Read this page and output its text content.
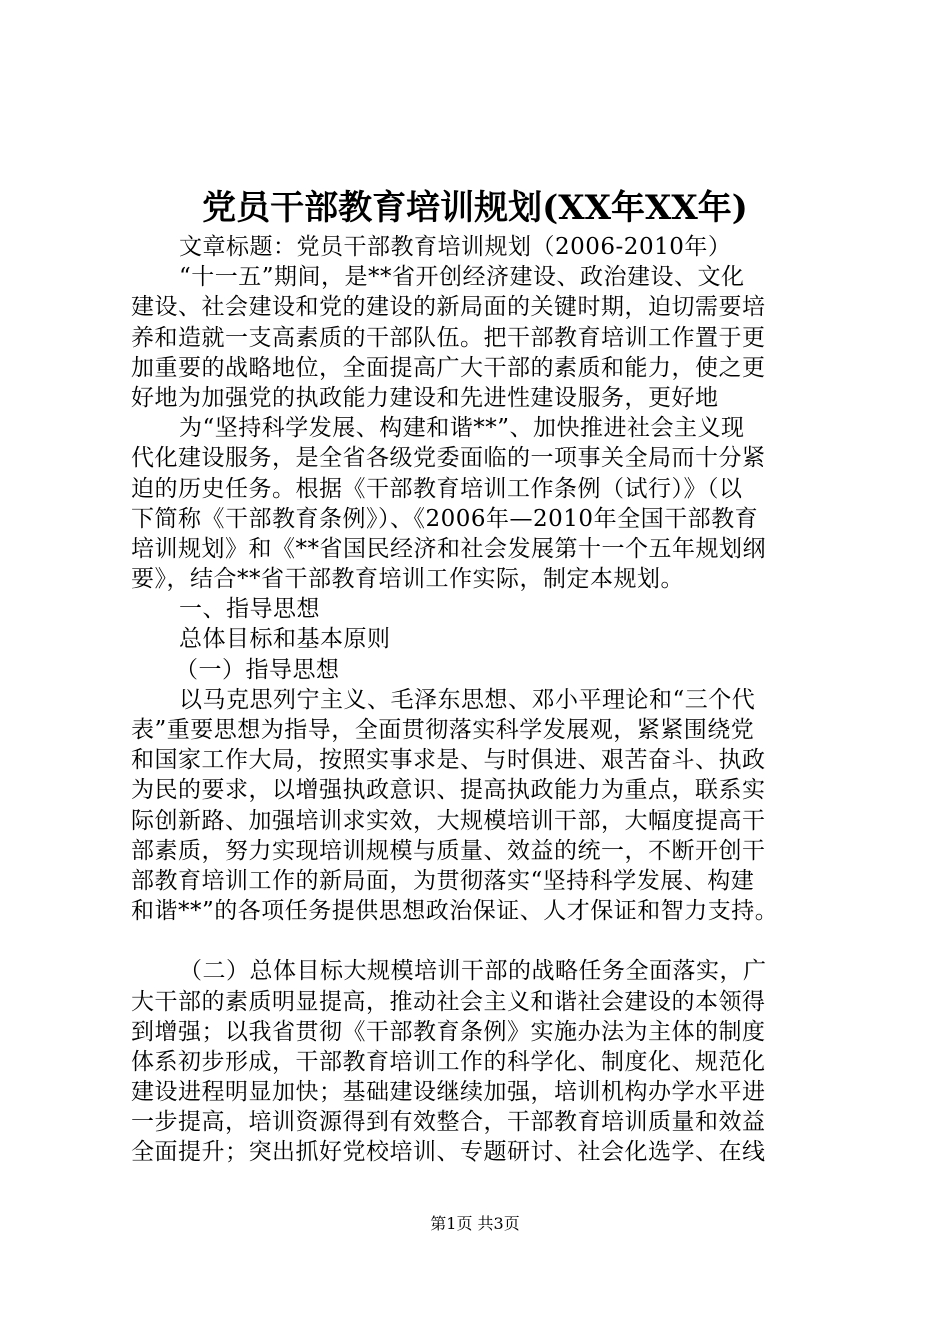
党员干部教育培训规划(XX年XX年)
文章标题：党员干部教育培训规划（2006-2010年）
“十一五”期间，是**省开创经济建设、政治建设、文化
建设、社会建设和党的建设的新局面的关键时期，迫切需要培
养和造就一支高素质的干部队伍。把干部教育培训工作置于更
加重要的战略地位，全面提高广大干部的素质和能力，使之更
好地为加强党的执政能力建设和先进性建设服务，更好地
为“坚持科学发展、构建和谐**”、加快推进社会主义现
代化建设服务，是全省各级党委面临的一项事关全局而十分紧
迫的历史任务。根据《干部教育培训工作条例（试行）》（以
下简称《干部教育条例》）、《2006年—2010年全国干部教育
培训规划》和《**省国民经济和社会发展第十一个五年规划纲
要》，结合**省干部教育培训工作实际，制定本规划。
一、指导思想
总体目标和基本原则
（一）指导思想
以马克思列宁主义、毛泽东思想、邓小平理论和“三个代
表”重要思想为指导，全面贯彻落实科学发展观，紧紧围绕党
和国家工作大局，按照实事求是、与时俱进、艰苦奋斗、执政
为民的要求，以增强执政意识、提高执政能力为重点，联系实
际创新路、加强培训求实效，大规模培训干部，大幅度提高干
部素质，努力实现培训规模与质量、效益的统一，不断开创干
部教育培训工作的新局面，为贯彻落实“坚持科学发展、构建
和谐**”的各项任务提供思想政治保证、人才保证和智力支持。
（二）总体目标大规模培训干部的战略任务全面落实，广
大干部的素质明显提高，推动社会主义和谐社会建设的本领得
到增强；以我省贯彻《干部教育条例》实施办法为主体的制度
体系初步形成，干部教育培训工作的科学化、制度化、规范化
建设进程明显加快；基础建设继续加强，培训机构办学水平进
一步提高，培训资源得到有效整合，干部教育培训质量和效益
全面提升；突出抓好党校培训、专题研讨、社会化选学、在线
第1页 共3页
